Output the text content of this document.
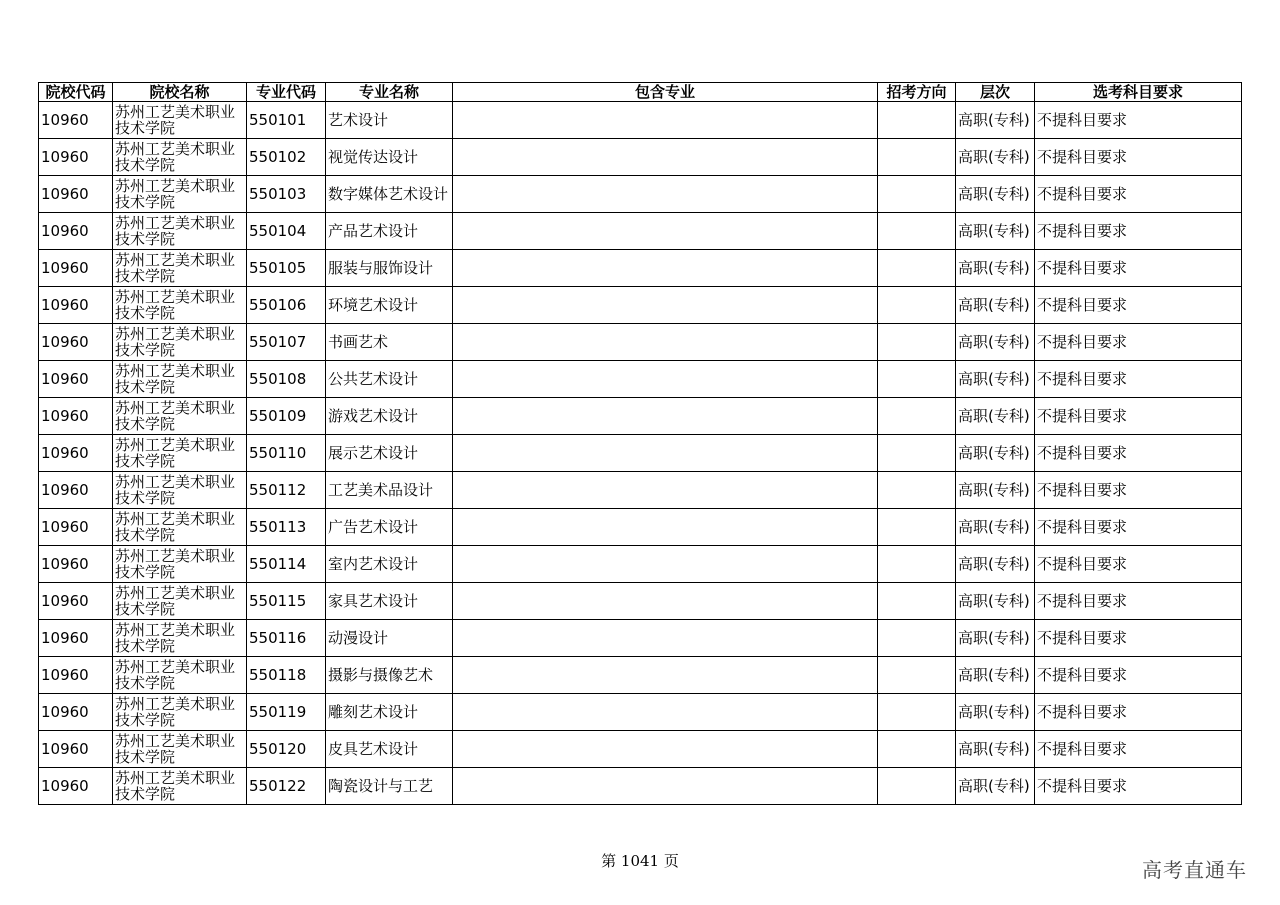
院校代码	院校名称	专业代码	专业名称	包含专业	招考方向	层次	选考科目要求
10960	苏州工艺美术职业技术学院	550101	艺术设计			高职(专科)	不提科目要求
10960	苏州工艺美术职业技术学院	550102	视觉传达设计			高职(专科)	不提科目要求
10960	苏州工艺美术职业技术学院	550103	数字媒体艺术设计			高职(专科)	不提科目要求
10960	苏州工艺美术职业技术学院	550104	产品艺术设计			高职(专科)	不提科目要求
10960	苏州工艺美术职业技术学院	550105	服装与服饰设计			高职(专科)	不提科目要求
10960	苏州工艺美术职业技术学院	550106	环境艺术设计			高职(专科)	不提科目要求
10960	苏州工艺美术职业技术学院	550107	书画艺术			高职(专科)	不提科目要求
10960	苏州工艺美术职业技术学院	550108	公共艺术设计			高职(专科)	不提科目要求
10960	苏州工艺美术职业技术学院	550109	游戏艺术设计			高职(专科)	不提科目要求
10960	苏州工艺美术职业技术学院	550110	展示艺术设计			高职(专科)	不提科目要求
10960	苏州工艺美术职业技术学院	550112	工艺美术品设计			高职(专科)	不提科目要求
10960	苏州工艺美术职业技术学院	550113	广告艺术设计			高职(专科)	不提科目要求
10960	苏州工艺美术职业技术学院	550114	室内艺术设计			高职(专科)	不提科目要求
10960	苏州工艺美术职业技术学院	550115	家具艺术设计			高职(专科)	不提科目要求
10960	苏州工艺美术职业技术学院	550116	动漫设计			高职(专科)	不提科目要求
10960	苏州工艺美术职业技术学院	550118	摄影与摄像艺术			高职(专科)	不提科目要求
10960	苏州工艺美术职业技术学院	550119	雕刻艺术设计			高职(专科)	不提科目要求
10960	苏州工艺美术职业技术学院	550120	皮具艺术设计			高职(专科)	不提科目要求
10960	苏州工艺美术职业技术学院	550122	陶瓷设计与工艺			高职(专科)	不提科目要求
第 1041 页	高考直通车
